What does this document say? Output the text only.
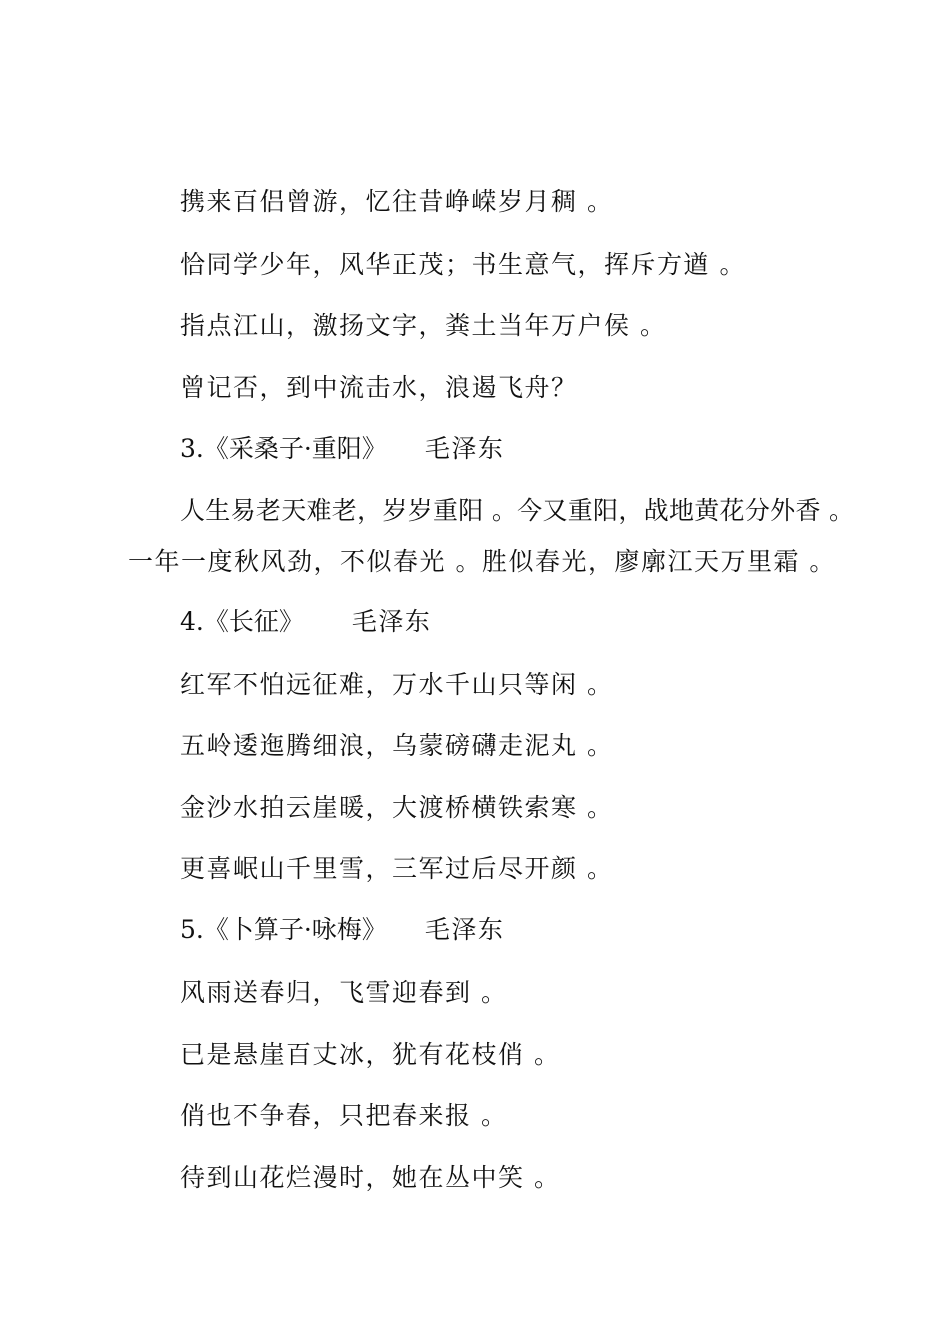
携来百侣曾游，忆往昔峥嵘岁月稠 。
恰同学少年，风华正茂；书生意气，挥斥方遒 。
指点江山，激扬文字，粪土当年万户侯 。
曾记否，到中流击水，浪遏飞舟？
3.《采桑子·重阳》 毛泽东
人生易老天难老，岁岁重阳 。今又重阳，战地黄花分外香 。
一年一度秋风劲，不似春光 。胜似春光，廖廓江天万里霜 。
4.《长征》 毛泽东
红军不怕远征难，万水千山只等闲 。
五岭逶迤腾细浪，乌蒙磅礴走泥丸 。
金沙水拍云崖暖，大渡桥横铁索寒 。
更喜岷山千里雪，三军过后尽开颜 。
5.《卜算子·咏梅》 毛泽东
风雨送春归，飞雪迎春到 。
已是悬崖百丈冰，犹有花枝俏 。
俏也不争春，只把春来报 。
待到山花烂漫时，她在丛中笑 。
